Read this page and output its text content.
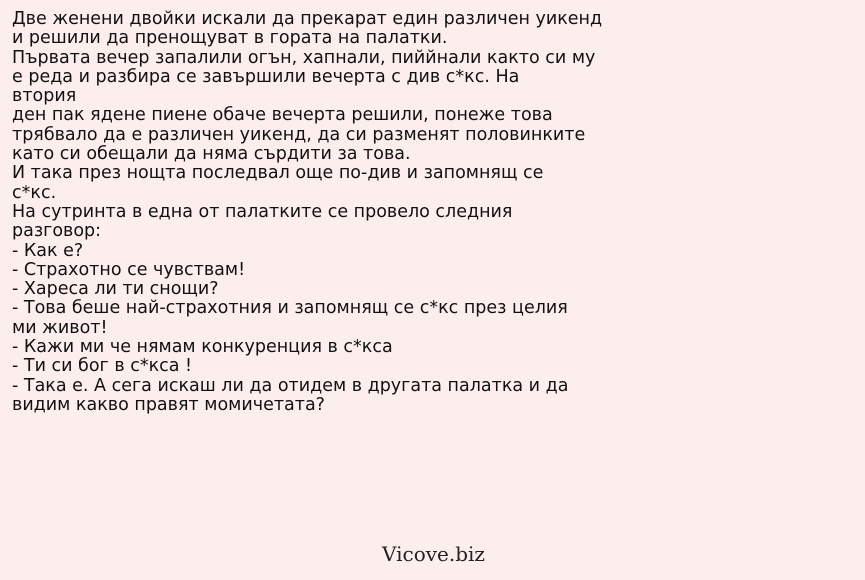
Две женени двойки искали да прекарат един различен уикенд

и решили да пренощуват в гората на палатки.

Първата вечер запалили огън, хапнали, пиййнали както си му

е реда и разбира се завършили вечерта с див с*кс. На

втория

ден пак ядене пиене обаче вечерта решили, понеже това

трябвало да е различен уикенд, да си разменят половинките

като си обещали да няма сърдити за това.

И така през нощта последвал още по-див и запомнящ се

с*кс.

На сутринта в една от палатките се провело следния

разговор:

- Как е?

- Страхотно се чувствам!

- Хареса ли ти снощи?

- Това беше най-страхотния и запомнящ се с*кс през целия

ми живот!

- Кажи ми че нямам конкуренция в с*кса

- Ти си бог в с*кса !

- Така е. А сега искаш ли да отидем в другата палатка и да

видим какво правят момичетата?

Vicove.biz
